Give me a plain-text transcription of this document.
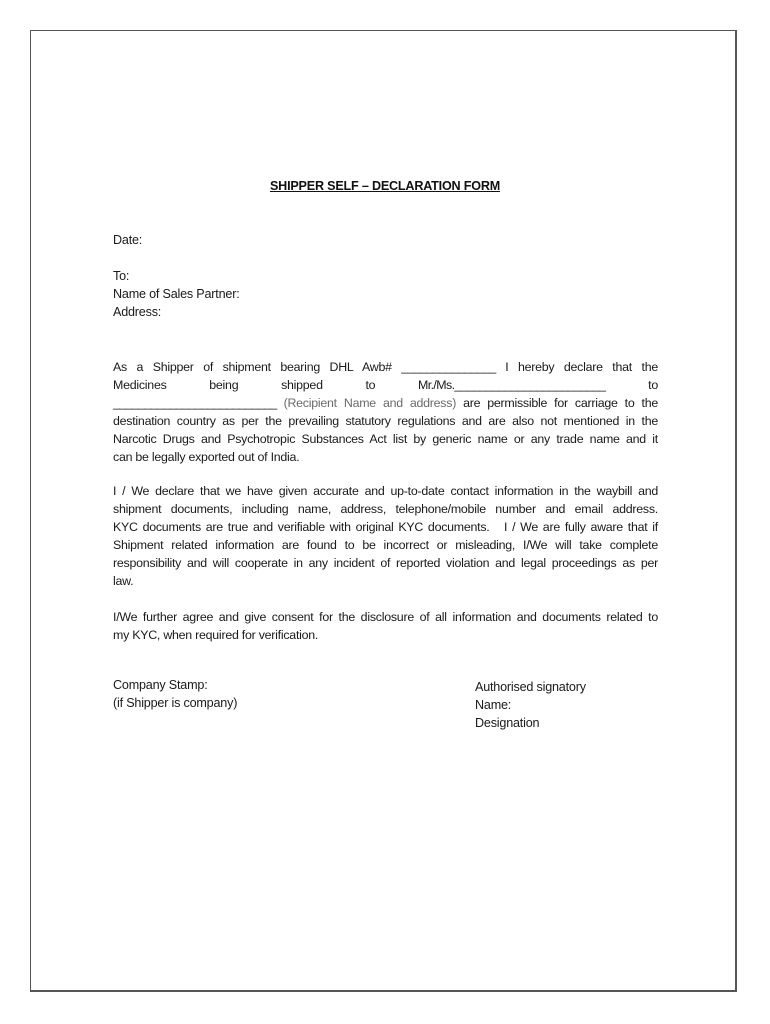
SHIPPER SELF – DECLARATION FORM
Date:
To:
Name of Sales Partner:
Address:
As a Shipper of shipment bearing DHL Awb# _______________ I hereby declare that the
Medicines	being	shipped	to	Mr./Ms.________________________	to
__________________________ (Recipient Name and address) are permissible for carriage to the
destination country as per the prevailing statutory regulations and are also not mentioned in the
Narcotic Drugs and Psychotropic Substances Act list by generic name or any trade name and it
can be legally exported out of India.
I / We declare that we have given accurate and up-to-date contact information in the waybill and
shipment documents, including name, address, telephone/mobile number and email address.
KYC documents are true and verifiable with original KYC documents.   I / We are fully aware that if
Shipment related information are found to be incorrect or misleading, I/We will take complete
responsibility and will cooperate in any incident of reported violation and legal proceedings as per
law.
I/We further agree and give consent for the disclosure of all information and documents related to
my KYC, when required for verification.
Company Stamp:
(if Shipper is company)
Authorised signatory
Name:
Designation
